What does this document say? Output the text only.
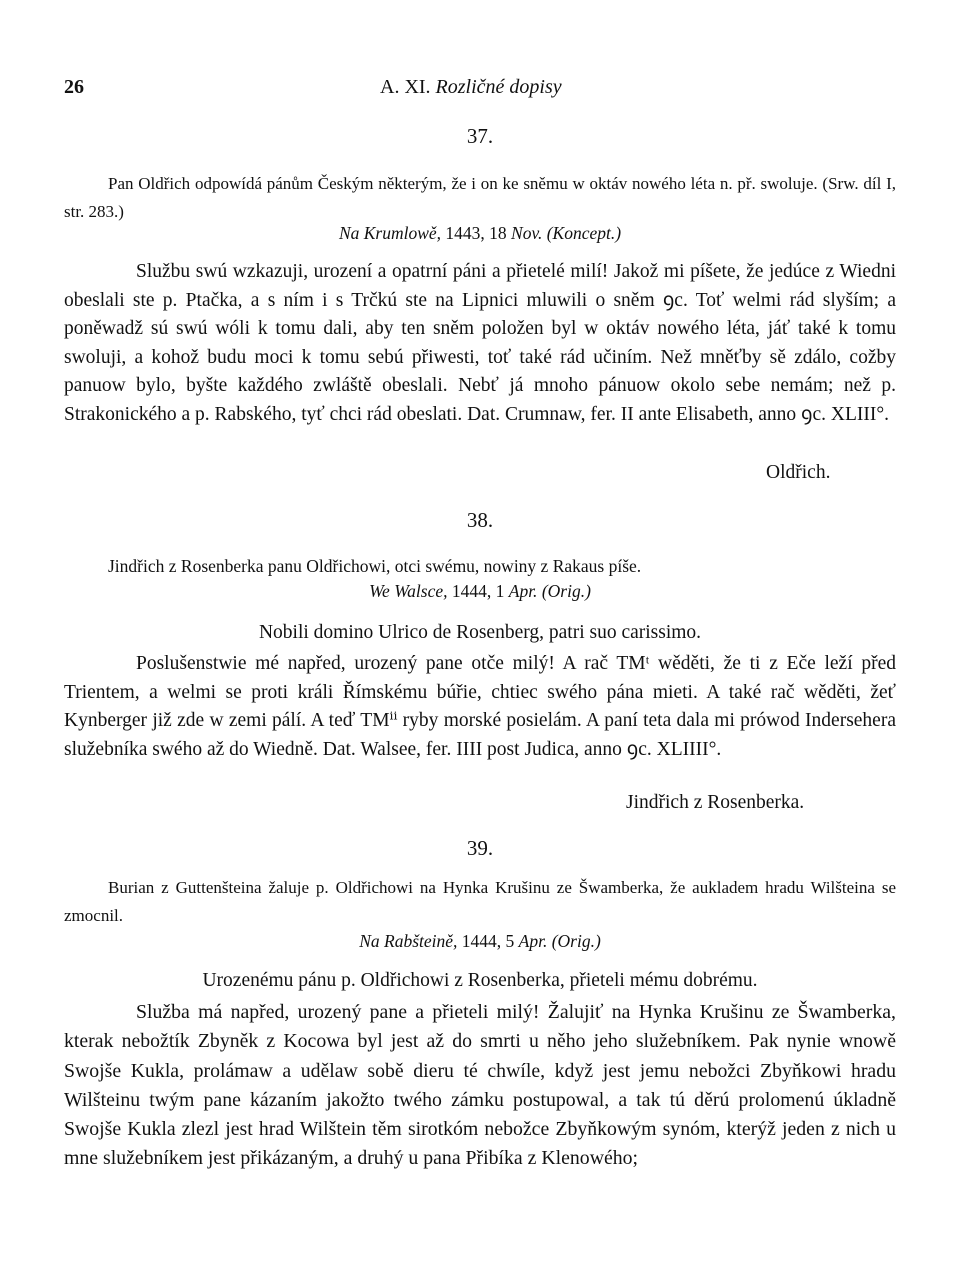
26	A. XI. Rozličné dopisy
37.
Pan Oldřich odpowídá pánům Českým některým, že i on ke sněmu w oktáv nowého léta n. př. swoluje. (Srw. díl I, str. 283.)
Na Krumlowě, 1443, 18 Nov. (Koncept.)
Službu swú wzkazuji, urození a opatrní páni a přietelé milí! Jakož mi píšete, že jedúce z Wiedni obeslali ste p. Ptačka, a s ním i s Trčkú ste na Lipnici mluwili o sněm ꝯc. Toť welmi rád slyším; a poněwadž sú swú wóli k tomu dali, aby ten sněm položen byl w oktáv nowého léta, jáť také k tomu swoluji, a kohož budu moci k tomu sebú přiwesti, toť také rád učiním. Než mněťby sě zdálo, cožby panuow bylo, byšte každého zwláště obeslali. Nebť já mnoho pánuow okolo sebe nemám; než p. Strakonického a p. Rabského, tyť chci rád obeslati. Dat. Crumnaw, fer. II ante Elisabeth, anno ꝯc. XLIII°.
Oldřich.
38.
Jindřich z Rosenberka panu Oldřichowi, otci swému, nowiny z Rakaus píše.
We Walsce, 1444, 1 Apr. (Orig.)
Nobili domino Ulrico de Rosenberg, patri suo carissimo.
Poslušenstwie mé napřed, urozený pane otče milý! A rač TMᵗ wěděti, že ti z Eče leží před Trientem, a welmi se proti králi Římskému búřie, chtiec swého pána mieti. A také rač wěděti, žeť Kynberger již zde w zemi pálí. A teď TMⁱⁱ ryby morské posielám. A paní teta dala mi prówod Indersehera služebníka swého až do Wiedně. Dat. Walsee, fer. IIII post Judica, anno ꝯc. XLIIII°.
Jindřich z Rosenberka.
39.
Burian z Guttenšteina žaluje p. Oldřichowi na Hynka Krušinu ze Šwamberka, že aukladem hradu Wilšteina se zmocnil.
Na Rabšteině, 1444, 5 Apr. (Orig.)
Urozenému pánu p. Oldřichowi z Rosenberka, přieteli mému dobrému.
Služba má napřed, urozený pane a přieteli milý! Žalujiť na Hynka Krušinu ze Šwamberka, kterak nebožtík Zbyněk z Kocowa byl jest až do smrti u něho jeho služebníkem. Pak nynie wnowě Swojše Kukla, prolámaw a udělaw sobě dieru té chwíle, když jest jemu nebožci Zbyňkowi hradu Wilšteinu twým pane kázaním jakožto twého zámku postupowal, a tak tú děrú prolomenú úkladně Swojše Kukla zlezl jest hrad Wilštein těm sirotkóm nebožce Zbyňkowým synóm, kterýž jeden z nich u mne služebníkem jest přikázaným, a druhý u pana Přibíka z Klenowého;
